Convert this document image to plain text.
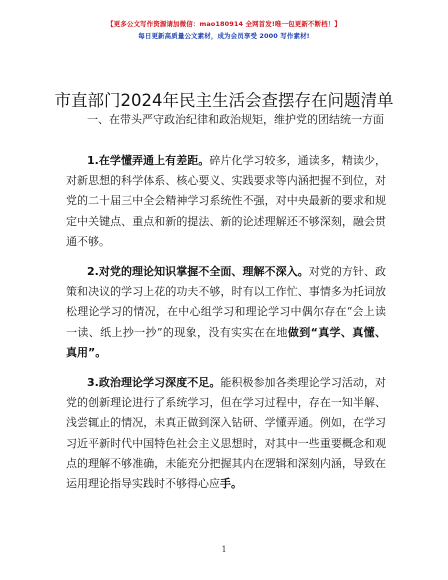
【更多公文写作资源请加微信：mao180914 全网首发!唯一包更新不断档！】
每日更新高质量公文素材，成为会员享受 2000 写作素材!
市直部门2024年民主生活会查摆存在问题清单
一、在带头严守政治纪律和政治规矩，维护党的团结统一方面
1.在学懂弄通上有差距。碎片化学习较多，通读多，精读少，对新思想的科学体系、核心要义、实践要求等内涵把握不到位，对党的二十届三中全会精神学习系统性不强，对中央最新的要求和规定中关键点、重点和新的提法、新的论述理解还不够深刻，融会贯通不够。
2.对党的理论知识掌握不全面、理解不深入。对党的方针、政策和决议的学习上花的功夫不够，时有以工作忙、事情多为托词放松理论学习的情况，在中心组学习和理论学习中偶尔存在“会上读一读、纸上抄一抄”的现象，没有实实在在地做到“真学、真懂、真用”。
3.政治理论学习深度不足。能积极参加各类理论学习活动，对党的创新理论进行了系统学习，但在学习过程中，存在一知半解、浅尝辄止的情况，未真正做到深入钻研、学懂弄通。例如，在学习习近平新时代中国特色社会主义思想时，对其中一些重要概念和观点的理解不够准确，未能充分把握其内在逻辑和深刻内涵，导致在运用理论指导实践时不够得心应手。
1
